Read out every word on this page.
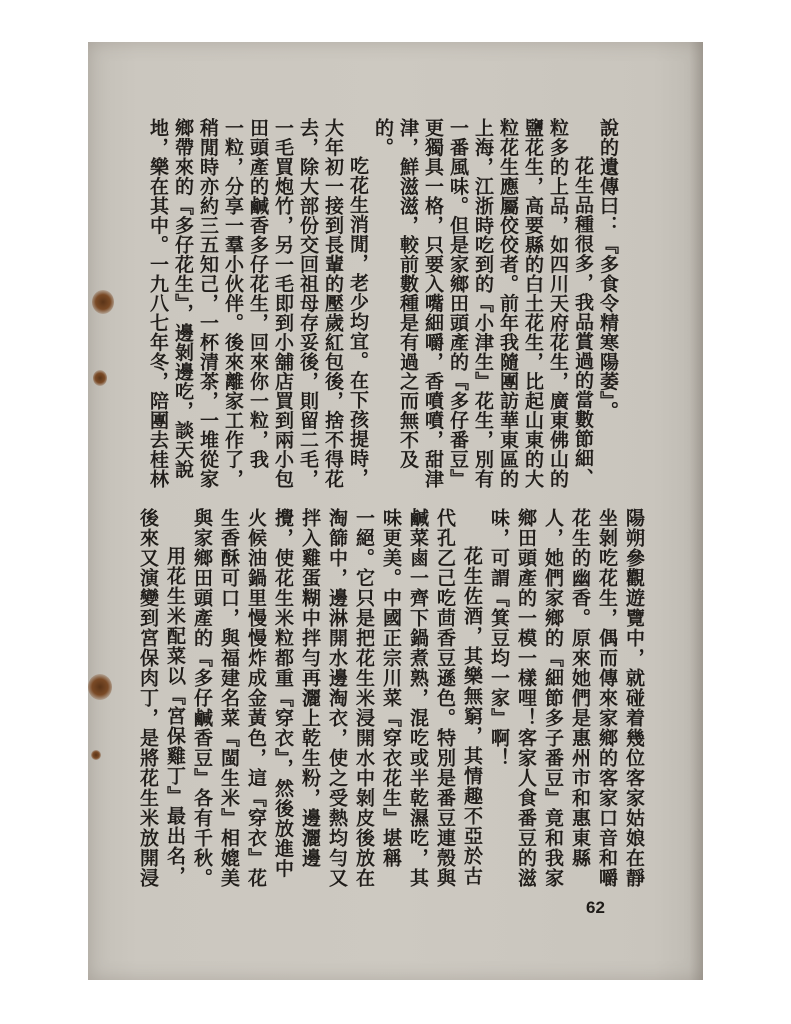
說的遺傳曰：『多食令精寒陽萎』。
花生品種很多，我品賞過的當數節細、
粒多的上品，如四川天府花生，廣東佛山的
鹽花生，高要縣的白土花生，比起山東的大
粒花生應屬佼佼者。前年我隨團訪華東區的
上海，江浙時吃到的『小津生』花生，別有
一番風味。但是家鄉田頭產的『多仔番豆』
更獨具一格，只要入嘴細嚼，香噴噴，甜津
津，鮮滋滋，較前數種是有過之而無不及
的。
吃花生消閒，老少均宜。在下孩提時，
大年初一接到長輩的壓歲紅包後，捨不得花
去，除大部份交回祖母存妥後，則留二毛，
一毛買炮竹，另一毛即到小舖店買到兩小包
田頭產的鹹香多仔花生，回來你一粒，我
一粒，分享一羣小伙伴。後來離家工作了，
稍閒時亦約三五知己，一杯清茶，一堆從家
鄉帶來的『多仔花生』，邊剝邊吃，談天說
地，樂在其中。一九八七年冬，陪團去桂林
陽朔參觀遊覽中，就碰着幾位客家姑娘在靜
坐剝吃花生，偶而傳來家鄉的客家口音和嚼
花生的幽香。原來她們是惠州市和惠東縣
人，她們家鄉的『細節多子番豆』竟和我家
鄉田頭產的一模一樣哩！客家人食番豆的滋
味，可謂『箕豆均一家』啊！
花生佐酒，其樂無窮，其情趣不亞於古
代孔乙己吃茴香豆遜色。特別是番豆連殼與
鹹菜鹵一齊下鍋煮熟，混吃或半乾濕吃，其
味更美。中國正宗川菜『穿衣花生』堪稱
一絕。它只是把花生米浸開水中剝皮後放在
淘篩中，邊淋開水邊淘衣，使之受熱均勻又
拌入雞蛋糊中拌勻再灑上乾生粉，邊灑邊
攪，使花生米粒都重『穿衣』，然後放進中
火候油鍋里慢慢炸成金黃色，這『穿衣』花
生香酥可口，與福建名菜『閩生米』相媲美
與家鄉田頭產的『多仔鹹香豆』各有千秋。
用花生米配菜以『宮保雞丁』最出名，
後來又演變到宮保肉丁，是將花生米放開浸
62
